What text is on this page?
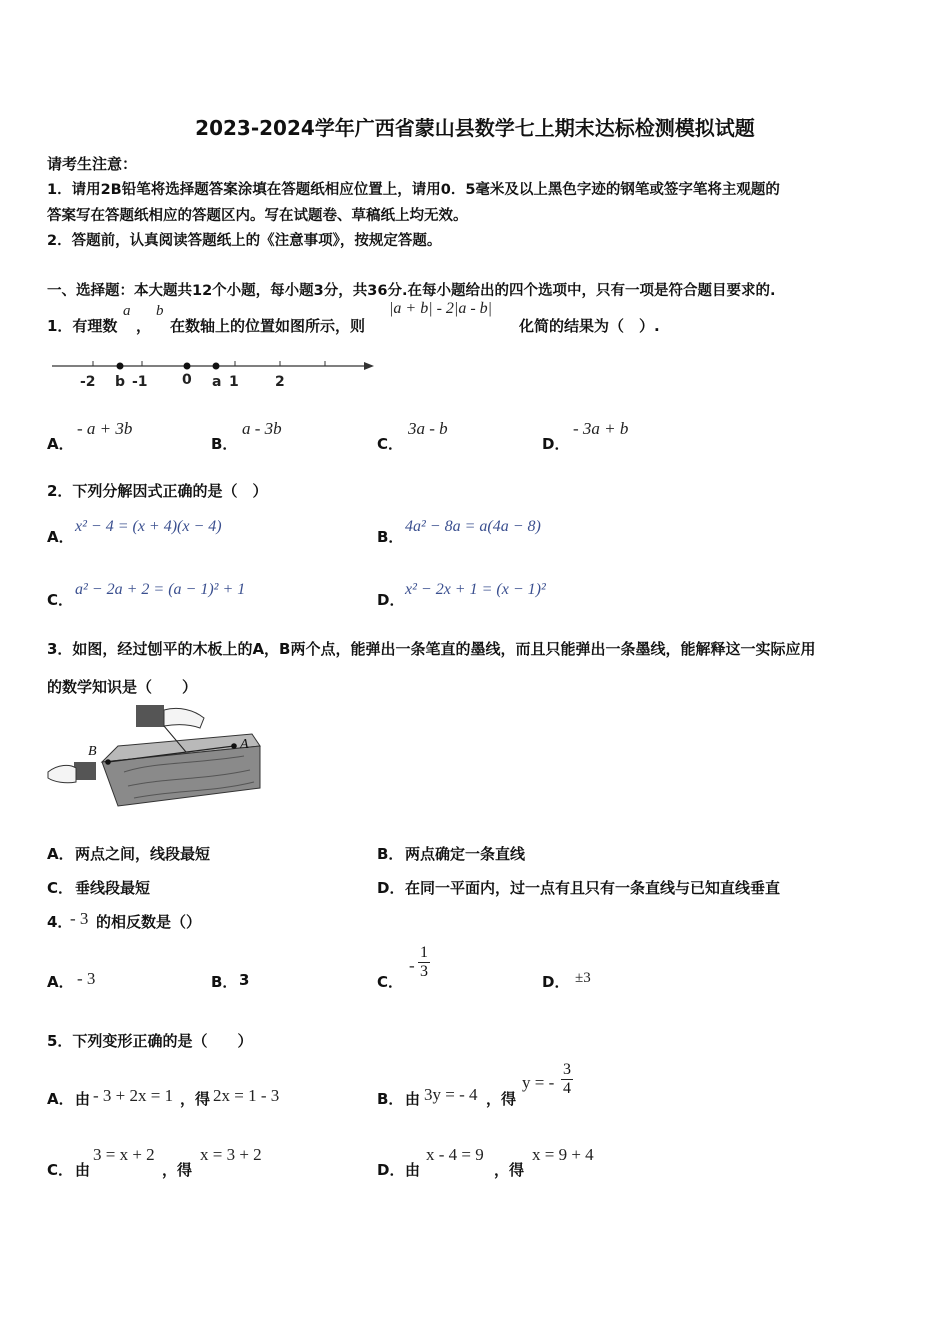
2023-2024学年广西省蒙山县数学七上期末达标检测模拟试题
请考生注意：
1．请用2B铅笔将选择题答案涂填在答题纸相应位置上，请用0．5毫米及以上黑色字迹的钢笔或签字笔将主观题的
答案写在答题纸相应的答题区内。写在试题卷、草稿纸上均无效。
2．答题前，认真阅读答题纸上的《注意事项》，按规定答题。
一、选择题：本大题共12个小题，每小题3分，共36分.在每小题给出的四个选项中，只有一项是符合题目要求的.
1．有理数
a
，
b
在数轴上的位置如图所示，则
|a + b| - 2|a - b|
化简的结果为（　）.
-2 b -1 0 a 1	2
A．
- a + 3b
B．
a - 3b
C．
3a - b
D．
- 3a + b
2．下列分解因式正确的是（　）
A．
x² − 4 = (x + 4)(x − 4)
B．
4a² − 8a = a(4a − 8)
C．
a² − 2a + 2 = (a − 1)² + 1
D．
x² − 2x + 1 = (x − 1)²
3．如图，经过刨平的木板上的A，B两个点，能弹出一条笔直的墨线，而且只能弹出一条墨线，能解释这一实际应用
的数学知识是（　　）
B	A
A． 两点之间，线段最短	B． 两点确定一条直线
C． 垂线段最短	D． 在同一平面内，过一点有且只有一条直线与已知直线垂直
4．
- 3 的相反数是（）
A． - 3	B． 3	C．
- $\frac{1}{3}$
D． ±3
5．下列变形正确的是（　　）
A． 由 - 3 + 2x = 1 ，得 2x = 1 - 3	B． 由 3y = - 4 ，得
y = - $\frac{3}{4}$
C． 由
3 = x + 2
，得
x = 3 + 2
D． 由
x - 4 = 9
，得
x = 9 + 4
